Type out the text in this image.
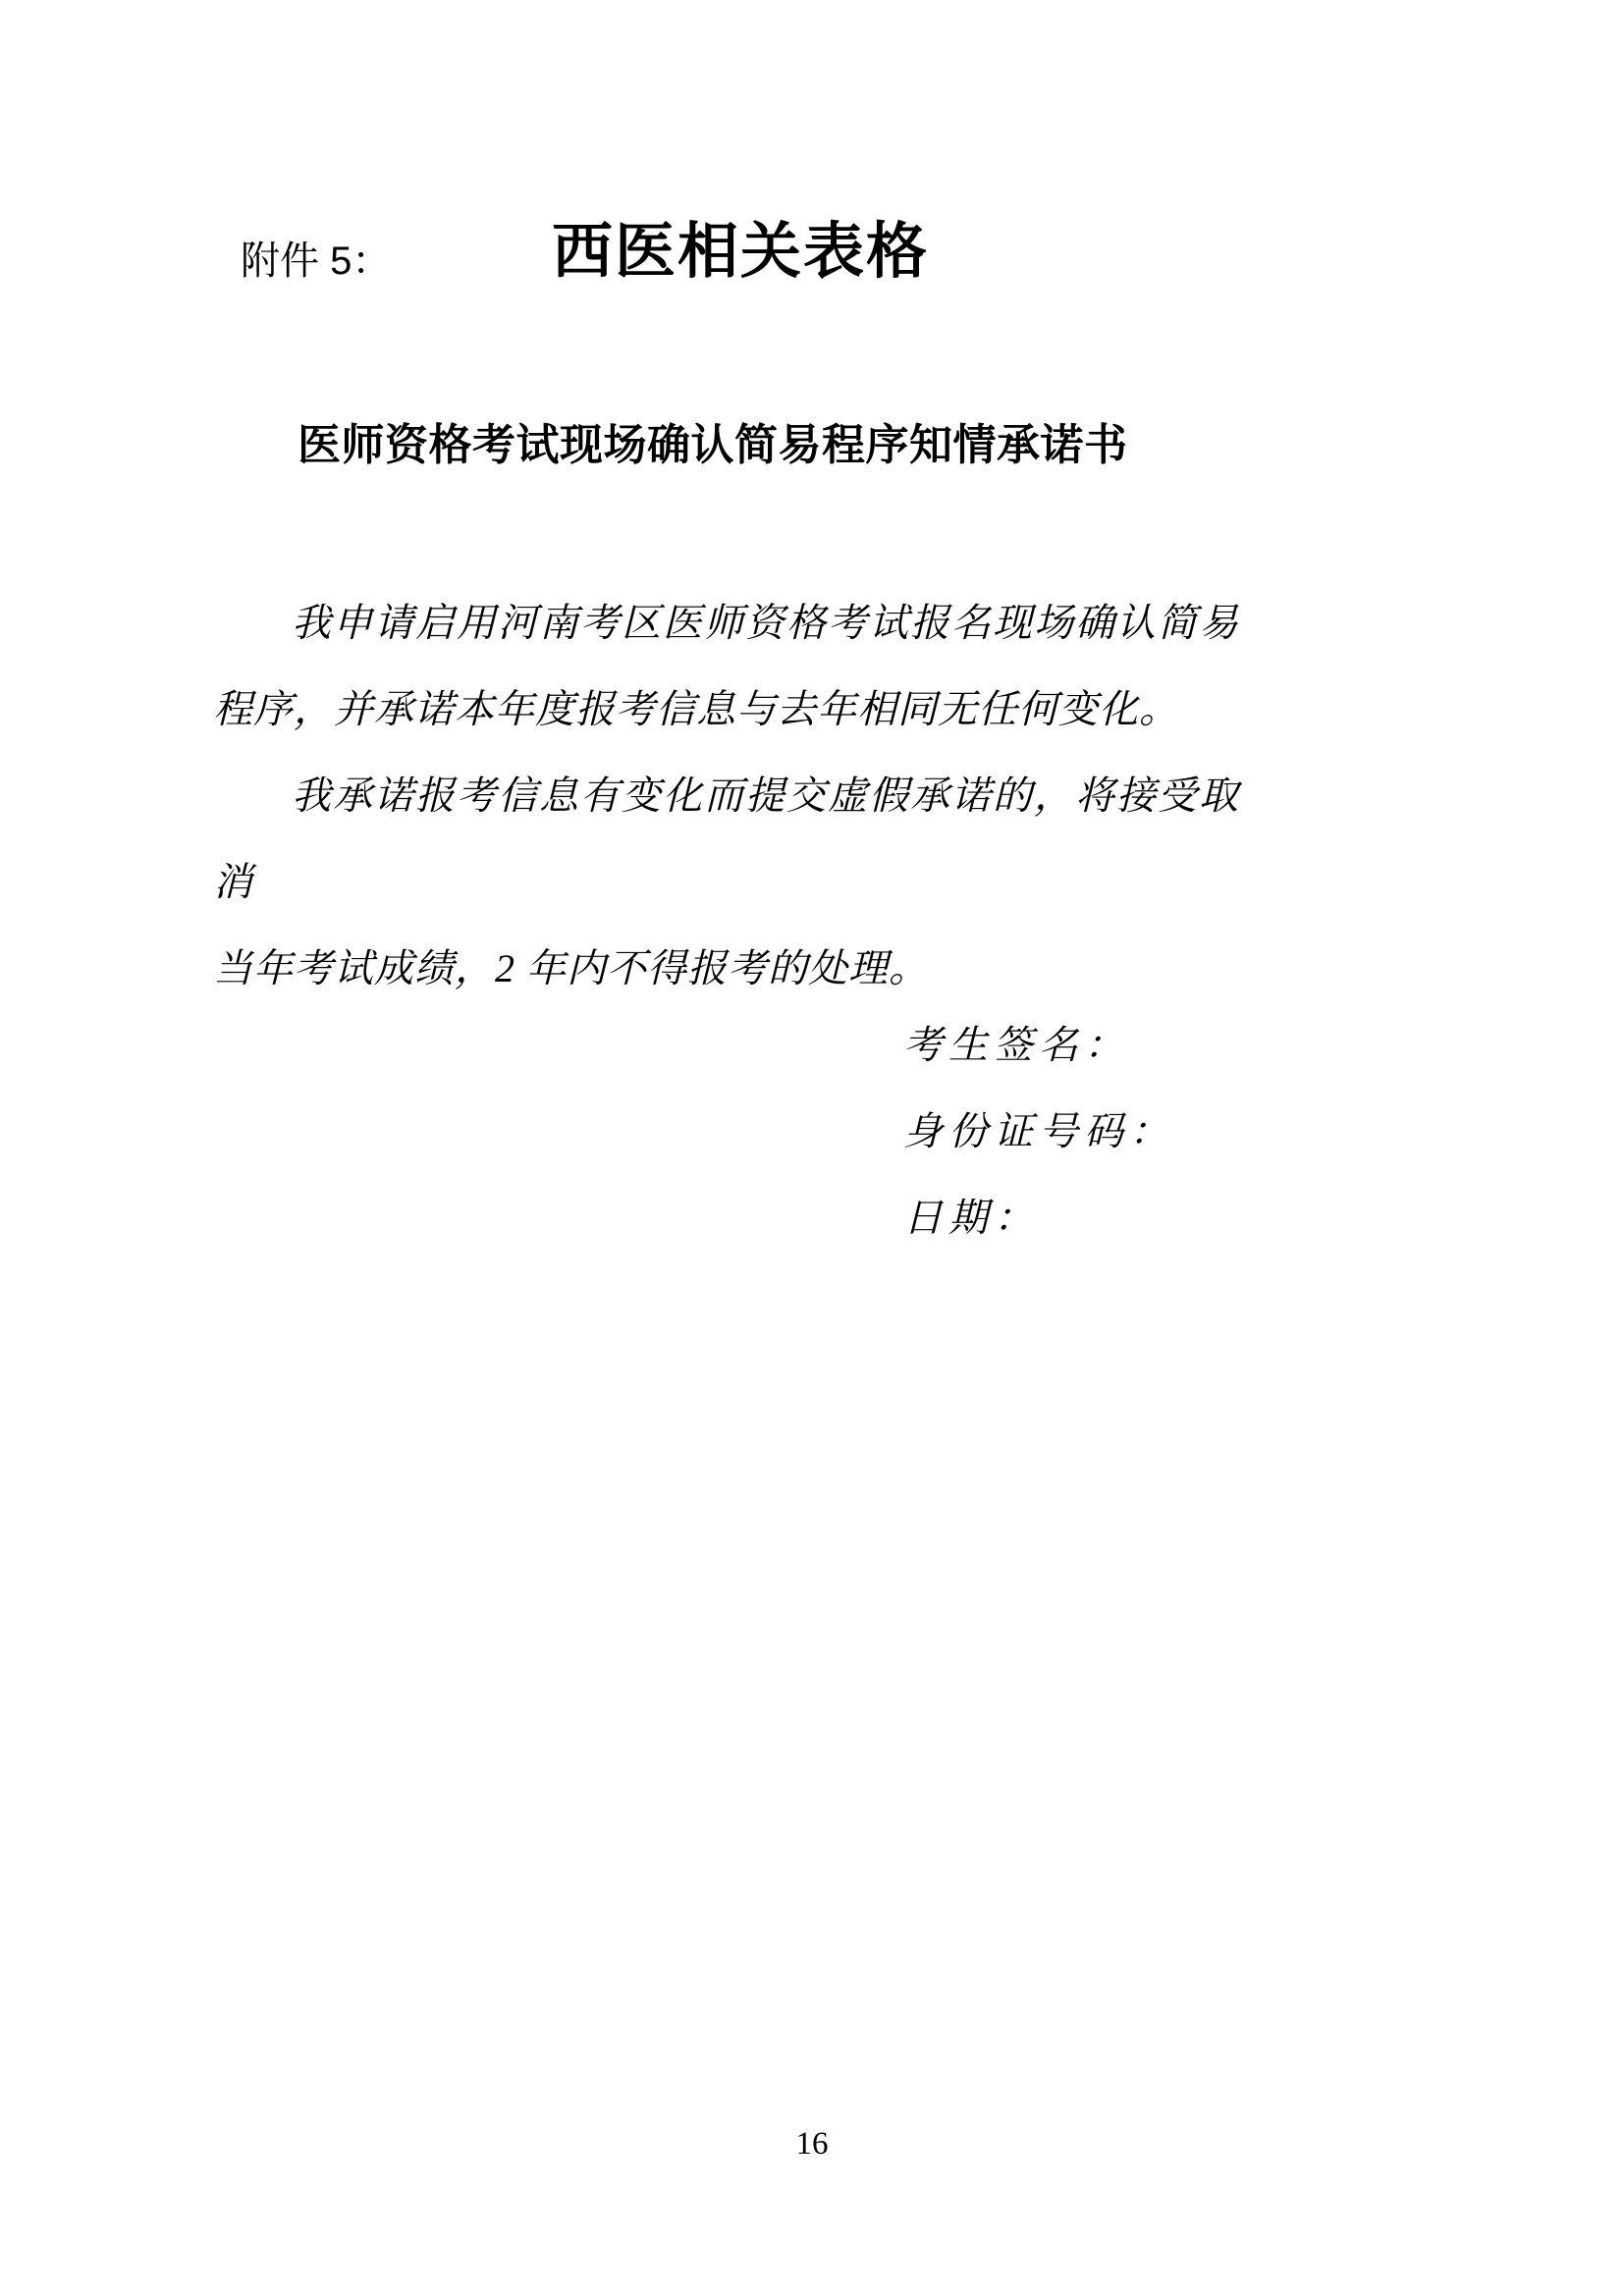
附件 5：	西医相关表格
医师资格考试现场确认简易程序知情承诺书

我申请启用河南考区医师资格考试报名现场确认简易

程序，并承诺本年度报考信息与去年相同无任何变化。

我承诺报考信息有变化而提交虚假承诺的，将接受取消

当年考试成绩，2 年内不得报考的处理。

考生签名：

身份证号码：

日期：

16
